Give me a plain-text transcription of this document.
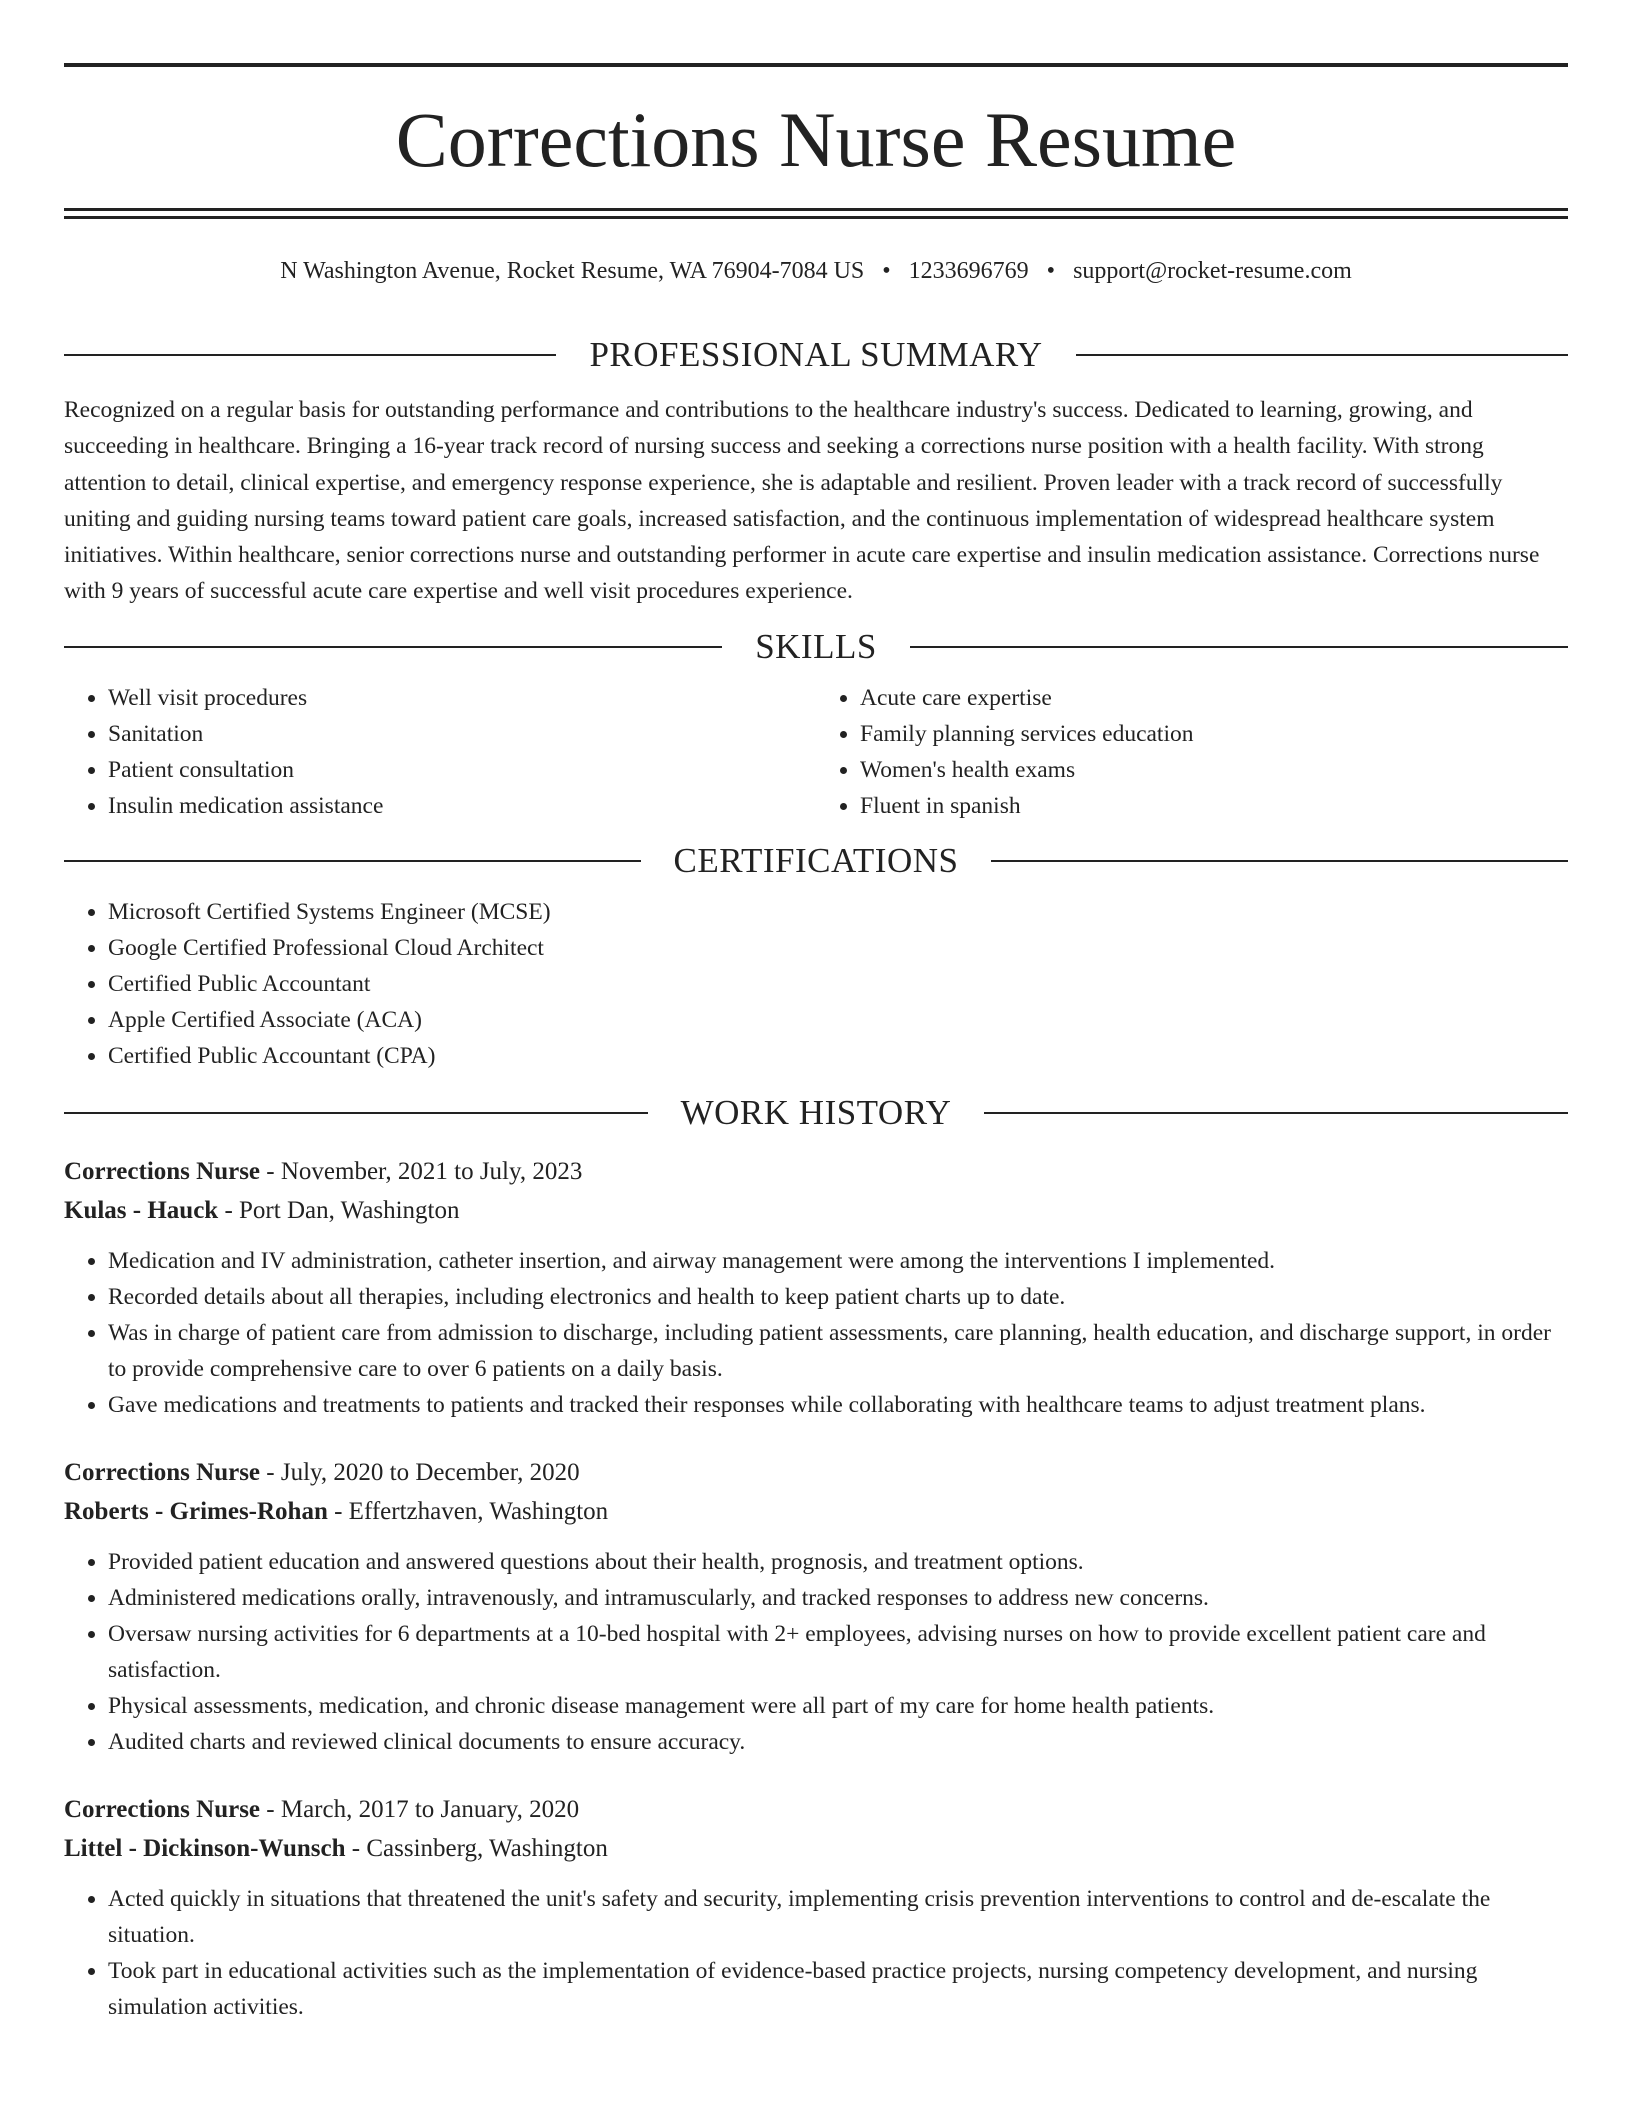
Corrections Nurse Resume
N Washington Avenue, Rocket Resume, WA 76904-7084 US • 1233696769 • support@rocket-resume.com
PROFESSIONAL SUMMARY

Recognized on a regular basis for outstanding performance and contributions to the healthcare industry's success. Dedicated to learning, growing, and succeeding in healthcare. Bringing a 16-year track record of nursing success and seeking a corrections nurse position with a health facility. With strong attention to detail, clinical expertise, and emergency response experience, she is adaptable and resilient. Proven leader with a track record of successfully uniting and guiding nursing teams toward patient care goals, increased satisfaction, and the continuous implementation of widespread healthcare system initiatives. Within healthcare, senior corrections nurse and outstanding performer in acute care expertise and insulin medication assistance. Corrections nurse with 9 years of successful acute care expertise and well visit procedures experience.

SKILLS
• Well visit procedures
• Sanitation
• Patient consultation
• Insulin medication assistance
• Acute care expertise
• Family planning services education
• Women's health exams
• Fluent in spanish
CERTIFICATIONS
• Microsoft Certified Systems Engineer (MCSE)
• Google Certified Professional Cloud Architect
• Certified Public Accountant
• Apple Certified Associate (ACA)
• Certified Public Accountant (CPA)
WORK HISTORY
Corrections Nurse - November, 2021 to July, 2023
Kulas - Hauck - Port Dan, Washington
• Medication and IV administration, catheter insertion, and airway management were among the interventions I implemented.
• Recorded details about all therapies, including electronics and health to keep patient charts up to date.
• Was in charge of patient care from admission to discharge, including patient assessments, care planning, health education, and discharge support, in order to provide comprehensive care to over 6 patients on a daily basis.
• Gave medications and treatments to patients and tracked their responses while collaborating with healthcare teams to adjust treatment plans.
Corrections Nurse - July, 2020 to December, 2020
Roberts - Grimes-Rohan - Effertzhaven, Washington
• Provided patient education and answered questions about their health, prognosis, and treatment options.
• Administered medications orally, intravenously, and intramuscularly, and tracked responses to address new concerns.
• Oversaw nursing activities for 6 departments at a 10-bed hospital with 2+ employees, advising nurses on how to provide excellent patient care and satisfaction.
• Physical assessments, medication, and chronic disease management were all part of my care for home health patients.
• Audited charts and reviewed clinical documents to ensure accuracy.
Corrections Nurse - March, 2017 to January, 2020
Littel - Dickinson-Wunsch - Cassinberg, Washington
• Acted quickly in situations that threatened the unit's safety and security, implementing crisis prevention interventions to control and de-escalate the situation.
• Took part in educational activities such as the implementation of evidence-based practice projects, nursing competency development, and nursing simulation activities.
